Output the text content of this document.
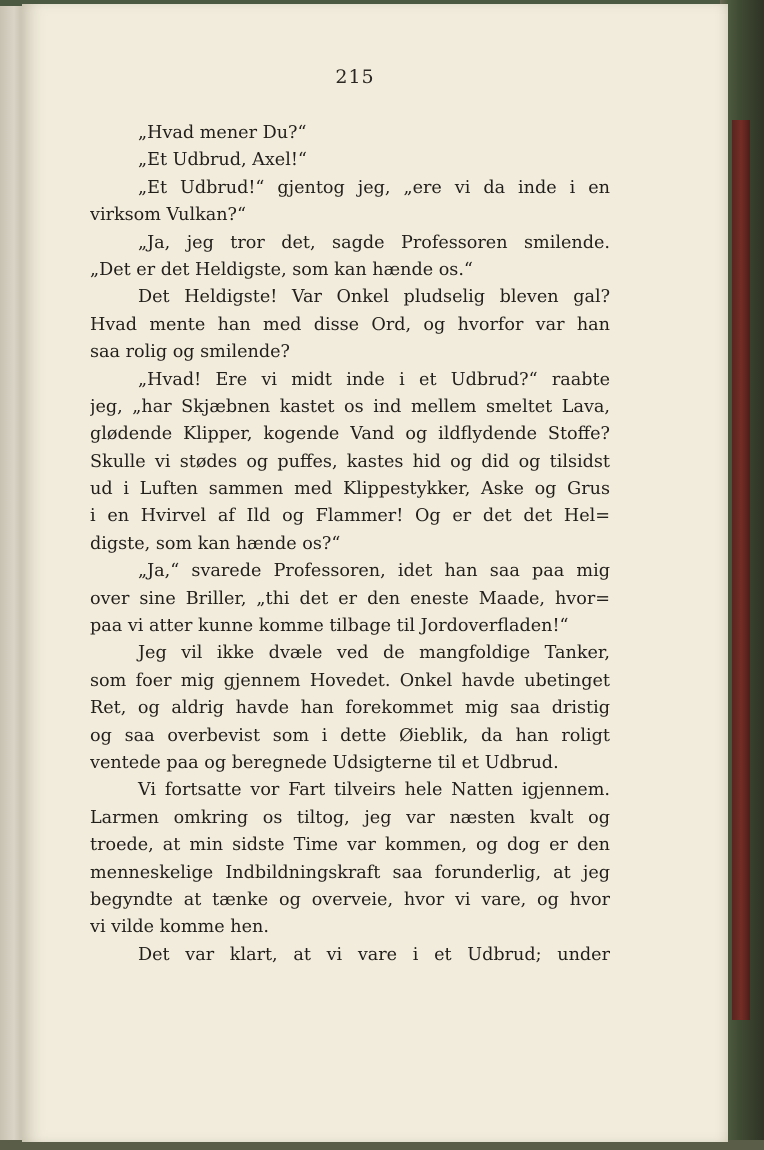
215
„Hvad mener Du?“
„Et Udbrud, Axel!“
„Et Udbrud!“ gjentog jeg, „ere vi da inde i en
virksom Vulkan?“
„Ja, jeg tror det, sagde Professoren smilende.
„Det er det Heldigste, som kan hænde os.“
Det Heldigste! Var Onkel pludselig bleven gal?
Hvad mente han med disse Ord, og hvorfor var han
saa rolig og smilende?
„Hvad! Ere vi midt inde i et Udbrud?“ raabte
jeg, „har Skjæbnen kastet os ind mellem smeltet Lava,
glødende Klipper, kogende Vand og ildflydende Stoffe?
Skulle vi stødes og puffes, kastes hid og did og tilsidst
ud i Luften sammen med Klippestykker, Aske og Grus
i en Hvirvel af Ild og Flammer! Og er det det Hel=
digste, som kan hænde os?“
„Ja,“ svarede Professoren, idet han saa paa mig
over sine Briller, „thi det er den eneste Maade, hvor=
paa vi atter kunne komme tilbage til Jordoverfladen!“
Jeg vil ikke dvæle ved de mangfoldige Tanker,
som foer mig gjennem Hovedet. Onkel havde ubetinget
Ret, og aldrig havde han forekommet mig saa dristig
og saa overbevist som i dette Øieblik, da han roligt
ventede paa og beregnede Udsigterne til et Udbrud.
Vi fortsatte vor Fart tilveirs hele Natten igjennem.
Larmen omkring os tiltog, jeg var næsten kvalt og
troede, at min sidste Time var kommen, og dog er den
menneskelige Indbildningskraft saa forunderlig, at jeg
begyndte at tænke og overveie, hvor vi vare, og hvor
vi vilde komme hen.
Det var klart, at vi vare i et Udbrud; under
